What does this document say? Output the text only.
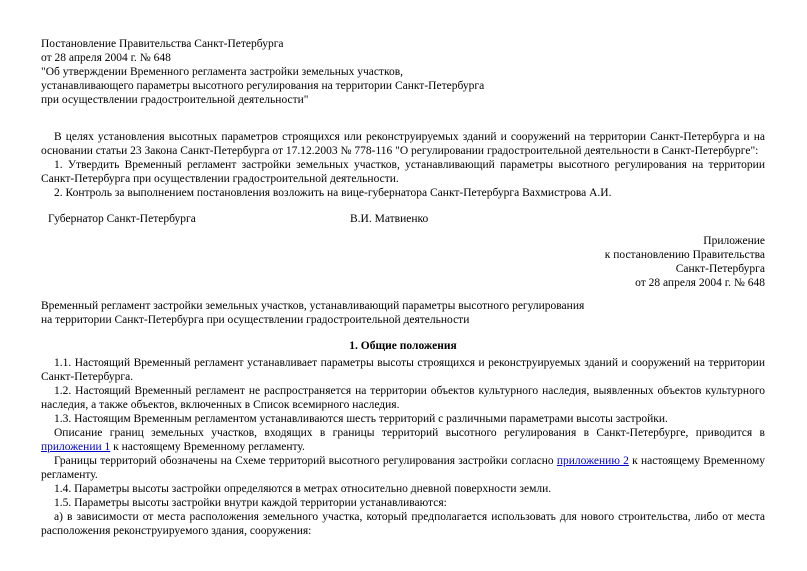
Постановление Правительства Санкт-Петербурга
от 28 апреля 2004 г. № 648
"Об утверждении Временного регламента застройки земельных участков,
устанавливающего параметры высотного регулирования на территории Санкт-Петербурга
при осуществлении градостроительной деятельности"
В целях установления высотных параметров строящихся или реконструируемых зданий и сооружений на территории Санкт-Петербурга и на основании статьи 23 Закона Санкт-Петербурга от 17.12.2003 № 778-116 "О регулировании градостроительной деятельности в Санкт-Петербурге":
1. Утвердить Временный регламент застройки земельных участков, устанавливающий параметры высотного регулирования на территории Санкт-Петербурга при осуществлении градостроительной деятельности.
2. Контроль за выполнением постановления возложить на вице-губернатора Санкт-Петербурга Вахмистрова А.И.
Губернатор Санкт-Петербурга	В.И. Матвиенко
Приложение
к постановлению Правительства
Санкт-Петербурга
от 28 апреля 2004 г. № 648
Временный регламент застройки земельных участков, устанавливающий параметры высотного регулирования
на территории Санкт-Петербурга при осуществлении градостроительной деятельности
1. Общие положения
1.1. Настоящий Временный регламент устанавливает параметры высоты строящихся и реконструируемых зданий и сооружений на территории Санкт-Петербурга.
1.2. Настоящий Временный регламент не распространяется на территории объектов культурного наследия, выявленных объектов культурного наследия, а также объектов, включенных в Список всемирного наследия.
1.3. Настоящим Временным регламентом устанавливаются шесть территорий с различными параметрами высоты застройки.
Описание границ земельных участков, входящих в границы территорий высотного регулирования в Санкт-Петербурге, приводится в приложении 1 к настоящему Временному регламенту.
Границы территорий обозначены на Схеме территорий высотного регулирования застройки согласно приложению 2 к настоящему Временному регламенту.
1.4. Параметры высоты застройки определяются в метрах относительно дневной поверхности земли.
1.5. Параметры высоты застройки внутри каждой территории устанавливаются:
а) в зависимости от места расположения земельного участка, который предполагается использовать для нового строительства, либо от места расположения реконструируемого здания, сооружения:
